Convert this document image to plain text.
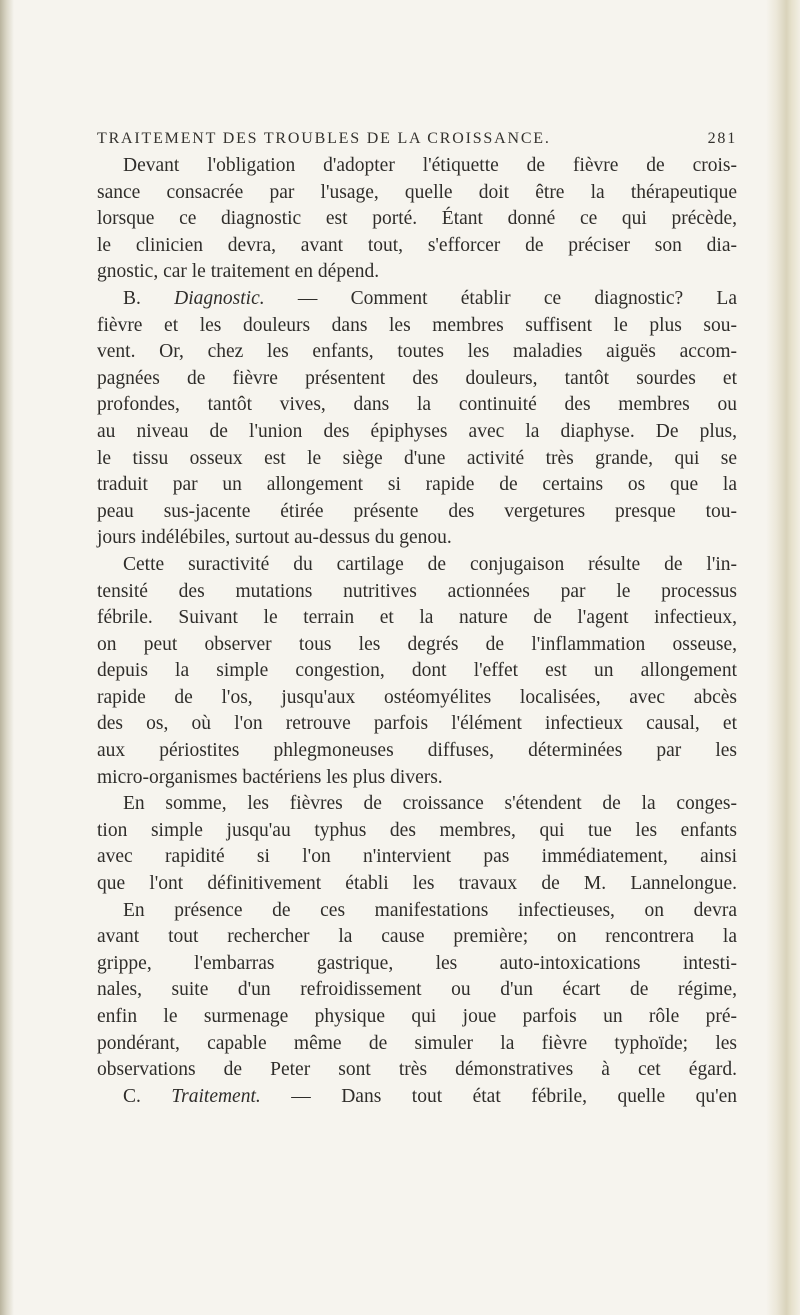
TRAITEMENT DES TROUBLES DE LA CROISSANCE.	281
Devant l'obligation d'adopter l'étiquette de fièvre de crois-
sance consacrée par l'usage, quelle doit être la thérapeutique
lorsque ce diagnostic est porté. Étant donné ce qui précède,
le clinicien devra, avant tout, s'efforcer de préciser son dia-
gnostic, car le traitement en dépend.
B. Diagnostic. — Comment établir ce diagnostic? La
fièvre et les douleurs dans les membres suffisent le plus sou-
vent. Or, chez les enfants, toutes les maladies aiguës accom-
pagnées de fièvre présentent des douleurs, tantôt sourdes et
profondes, tantôt vives, dans la continuité des membres ou
au niveau de l'union des épiphyses avec la diaphyse. De plus,
le tissu osseux est le siège d'une activité très grande, qui se
traduit par un allongement si rapide de certains os que la
peau sus-jacente étirée présente des vergetures presque tou-
jours indélébiles, surtout au-dessus du genou.
Cette suractivité du cartilage de conjugaison résulte de l'in-
tensité des mutations nutritives actionnées par le processus
fébrile. Suivant le terrain et la nature de l'agent infectieux,
on peut observer tous les degrés de l'inflammation osseuse,
depuis la simple congestion, dont l'effet est un allongement
rapide de l'os, jusqu'aux ostéomyélites localisées, avec abcès
des os, où l'on retrouve parfois l'élément infectieux causal, et
aux périostites phlegmoneuses diffuses, déterminées par les
micro-organismes bactériens les plus divers.
En somme, les fièvres de croissance s'étendent de la conges-
tion simple jusqu'au typhus des membres, qui tue les enfants
avec rapidité si l'on n'intervient pas immédiatement, ainsi
que l'ont définitivement établi les travaux de M. Lannelongue.
En présence de ces manifestations infectieuses, on devra
avant tout rechercher la cause première; on rencontrera la
grippe, l'embarras gastrique, les auto-intoxications intesti-
nales, suite d'un refroidissement ou d'un écart de régime,
enfin le surmenage physique qui joue parfois un rôle pré-
pondérant, capable même de simuler la fièvre typhoïde; les
observations de Peter sont très démonstratives à cet égard.
C. Traitement. — Dans tout état fébrile, quelle qu'en
